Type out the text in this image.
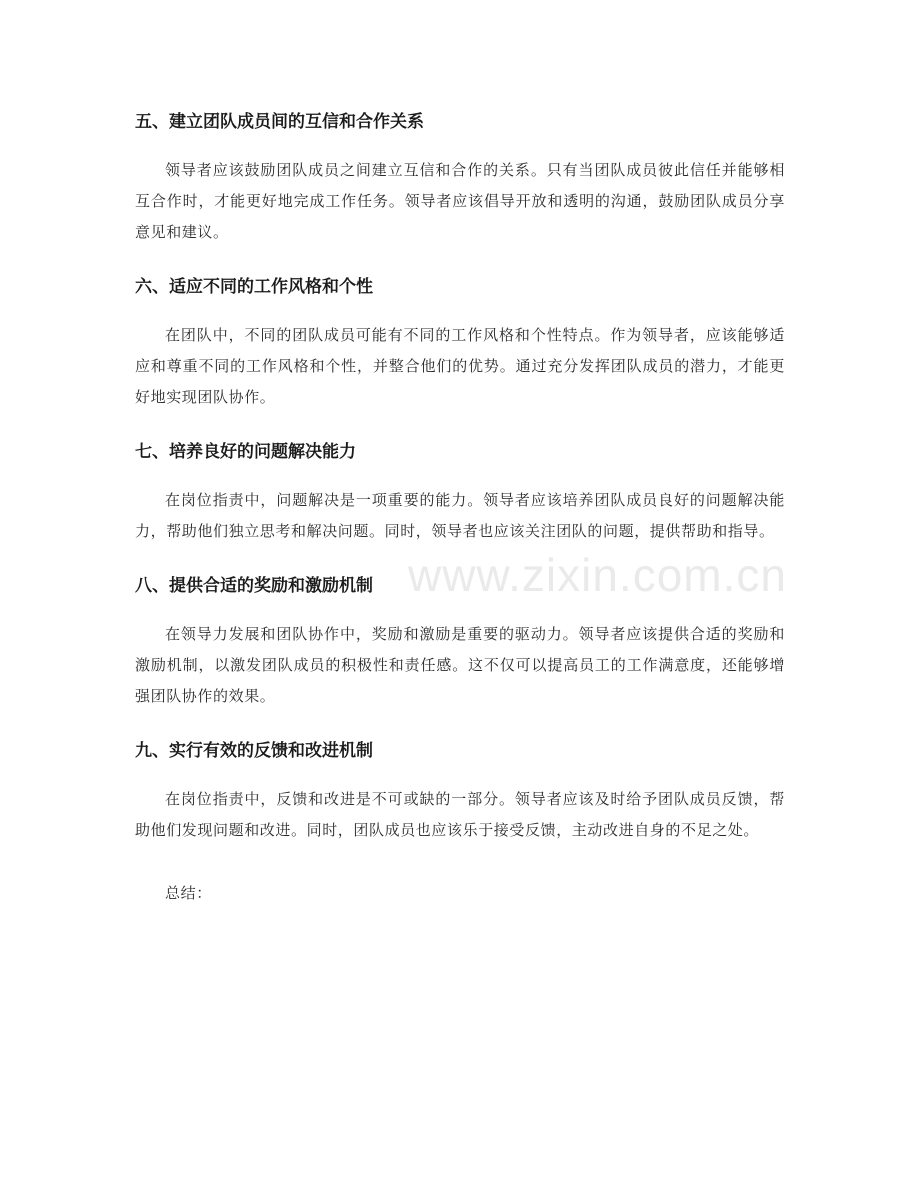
五、建立团队成员间的互信和合作关系

领导者应该鼓励团队成员之间建立互信和合作的关系。只有当团队成员彼此信任并能够相互合作时，才能更好地完成工作任务。领导者应该倡导开放和透明的沟通，鼓励团队成员分享意见和建议。

六、适应不同的工作风格和个性

在团队中，不同的团队成员可能有不同的工作风格和个性特点。作为领导者，应该能够适应和尊重不同的工作风格和个性，并整合他们的优势。通过充分发挥团队成员的潜力，才能更好地实现团队协作。

七、培养良好的问题解决能力

在岗位指责中，问题解决是一项重要的能力。领导者应该培养团队成员良好的问题解决能力，帮助他们独立思考和解决问题。同时，领导者也应该关注团队的问题，提供帮助和指导。

八、提供合适的奖励和激励机制

在领导力发展和团队协作中，奖励和激励是重要的驱动力。领导者应该提供合适的奖励和激励机制，以激发团队成员的积极性和责任感。这不仅可以提高员工的工作满意度，还能够增强团队协作的效果。

九、实行有效的反馈和改进机制

在岗位指责中，反馈和改进是不可或缺的一部分。领导者应该及时给予团队成员反馈，帮助他们发现问题和改进。同时，团队成员也应该乐于接受反馈，主动改进自身的不足之处。

总结：

www.zixin.com.cn
